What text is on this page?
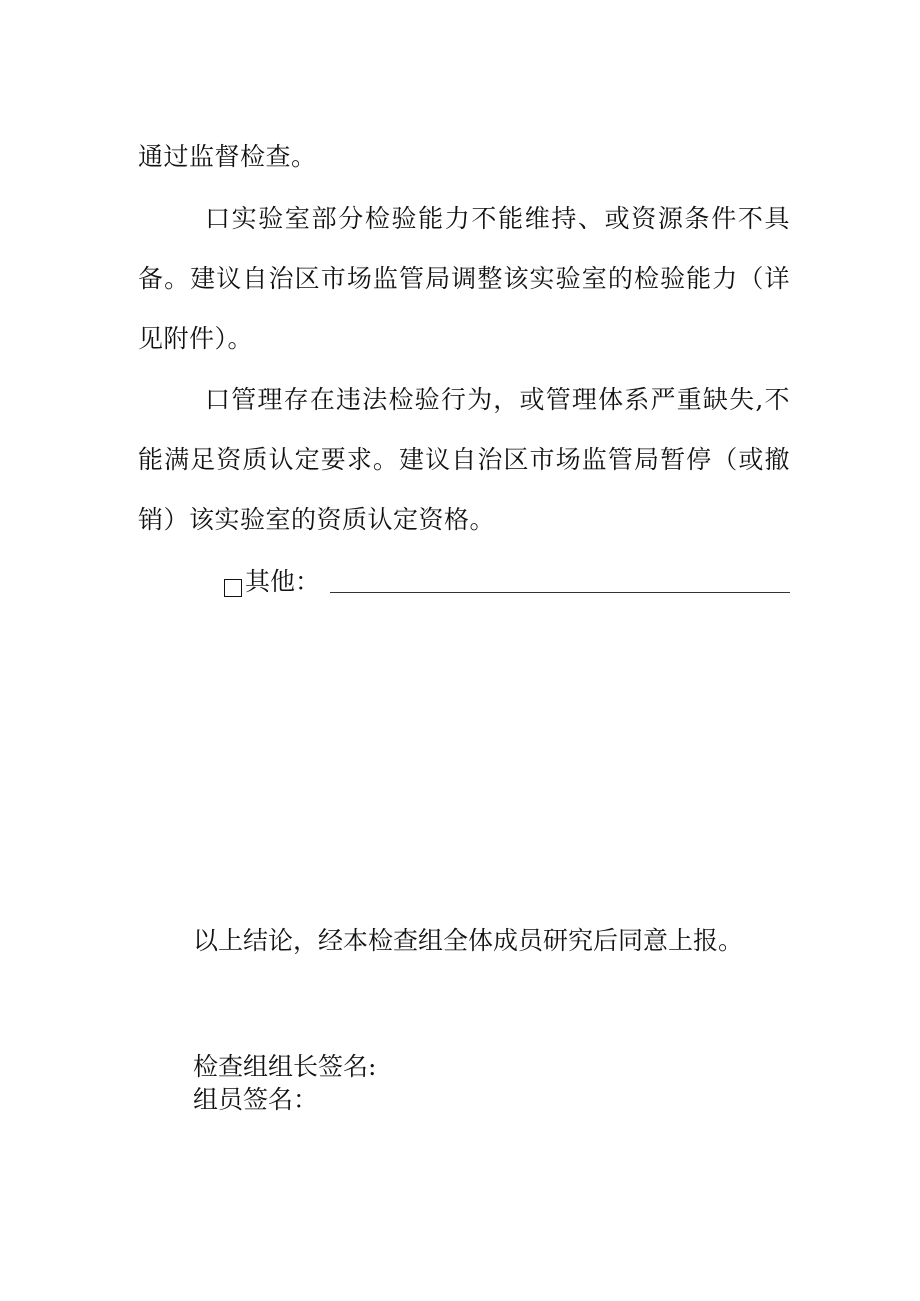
通过监督检查。
口实验室部分检验能力不能维持、或资源条件不具
备。建议自治区市场监管局调整该实验室的检验能力（详
见附件）。
口管理存在违法检验行为，或管理体系严重缺失,不
能满足资质认定要求。建议自治区市场监管局暂停（或撤
销）该实验室的资质认定资格。
其他：
以上结论，经本检查组全体成员研究后同意上报。
检查组组长签名:
组员签名：
